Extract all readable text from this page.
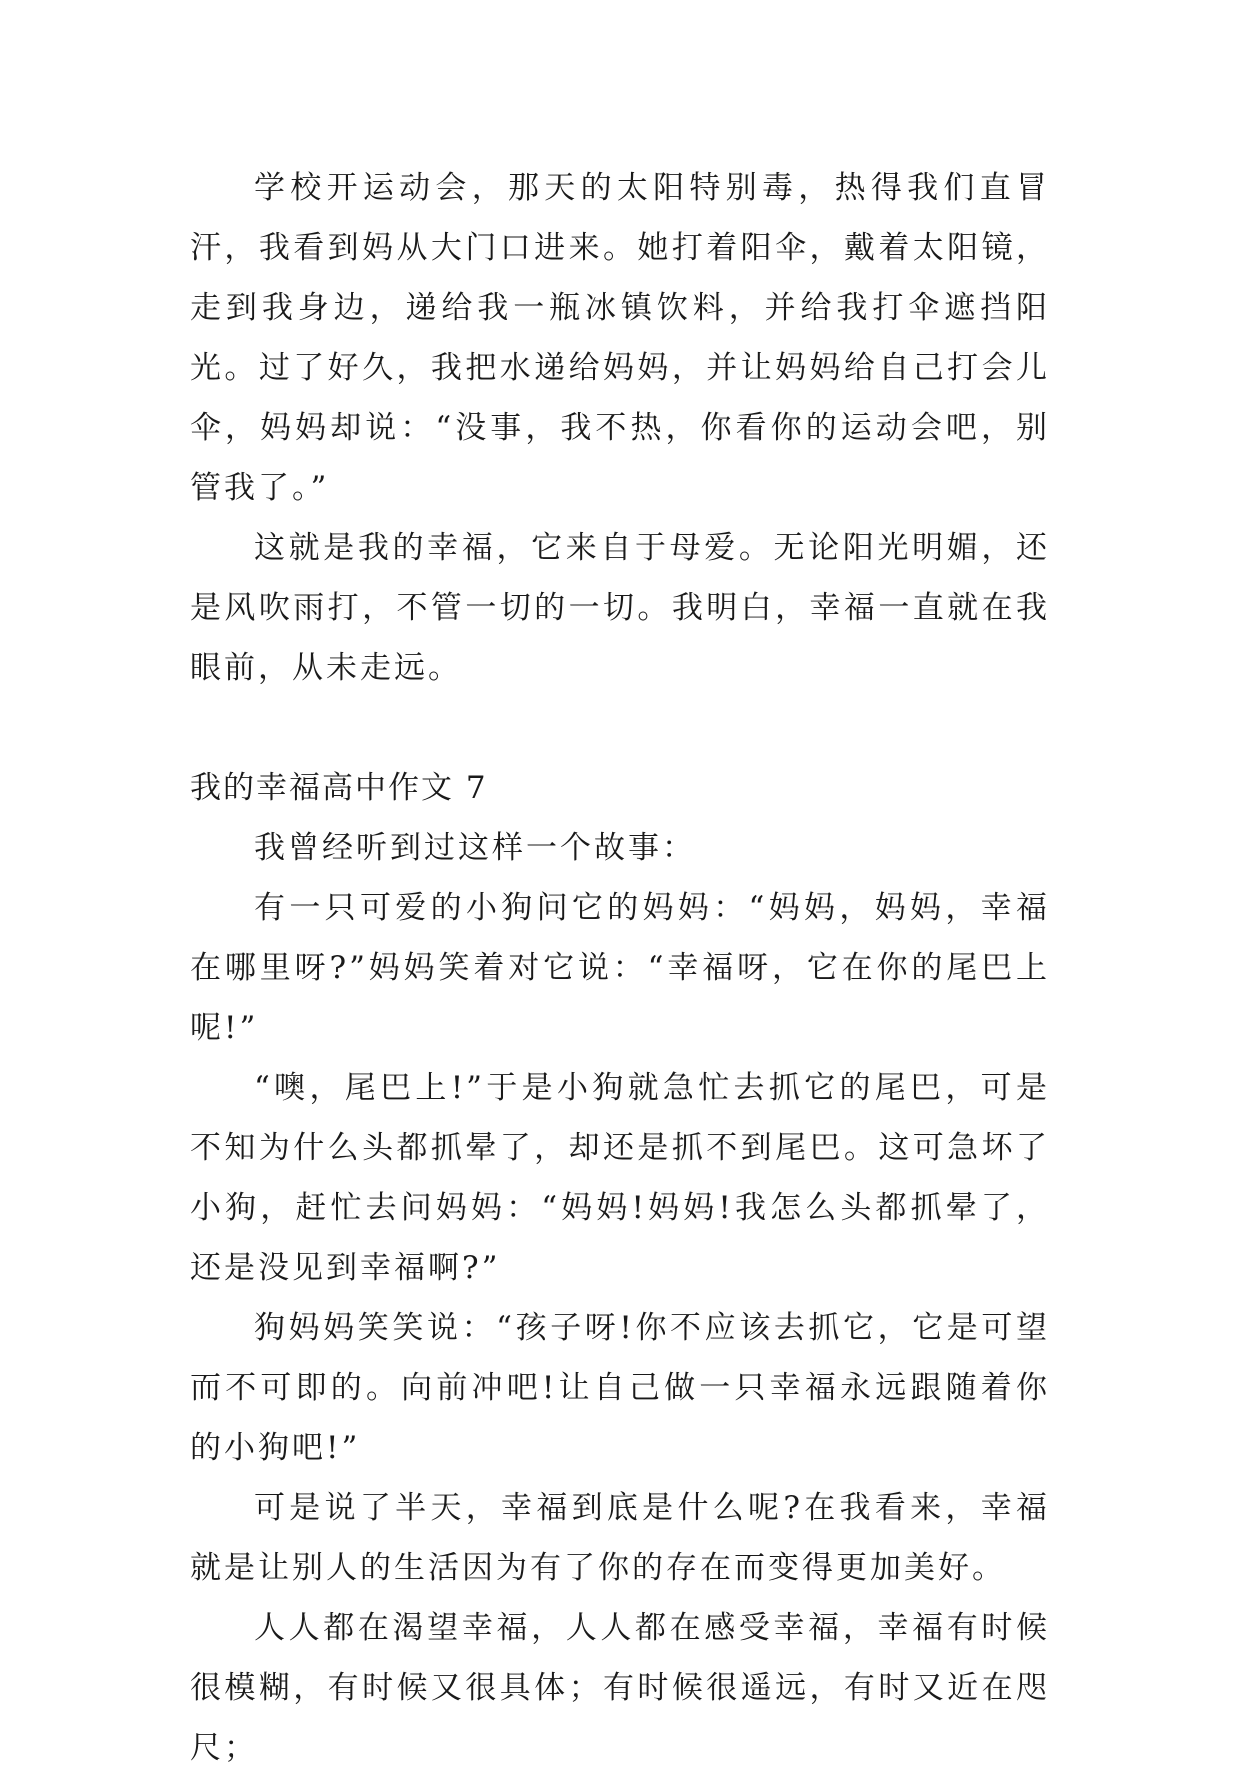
学校开运动会，那天的太阳特别毒，热得我们直冒汗，我看到妈从大门口进来。她打着阳伞，戴着太阳镜，走到我身边，递给我一瓶冰镇饮料，并给我打伞遮挡阳光。过了好久，我把水递给妈妈，并让妈妈给自己打会儿伞，妈妈却说：“没事，我不热，你看你的运动会吧，别管我了。”

这就是我的幸福，它来自于母爱。无论阳光明媚，还是风吹雨打，不管一切的一切。我明白，幸福一直就在我眼前，从未走远。

我的幸福高中作文 7

我曾经听到过这样一个故事：

有一只可爱的小狗问它的妈妈：“妈妈，妈妈，幸福在哪里呀?”妈妈笑着对它说：“幸福呀，它在你的尾巴上呢!”

“噢，尾巴上!”于是小狗就急忙去抓它的尾巴，可是不知为什么头都抓晕了，却还是抓不到尾巴。这可急坏了小狗，赶忙去问妈妈：“妈妈!妈妈!我怎么头都抓晕了，还是没见到幸福啊?”

狗妈妈笑笑说：“孩子呀!你不应该去抓它，它是可望而不可即的。向前冲吧!让自己做一只幸福永远跟随着你的小狗吧!”

可是说了半天，幸福到底是什么呢?在我看来，幸福就是让别人的生活因为有了你的存在而变得更加美好。

人人都在渴望幸福，人人都在感受幸福，幸福有时候很模糊，有时候又很具体；有时候很遥远，有时又近在咫尺；
